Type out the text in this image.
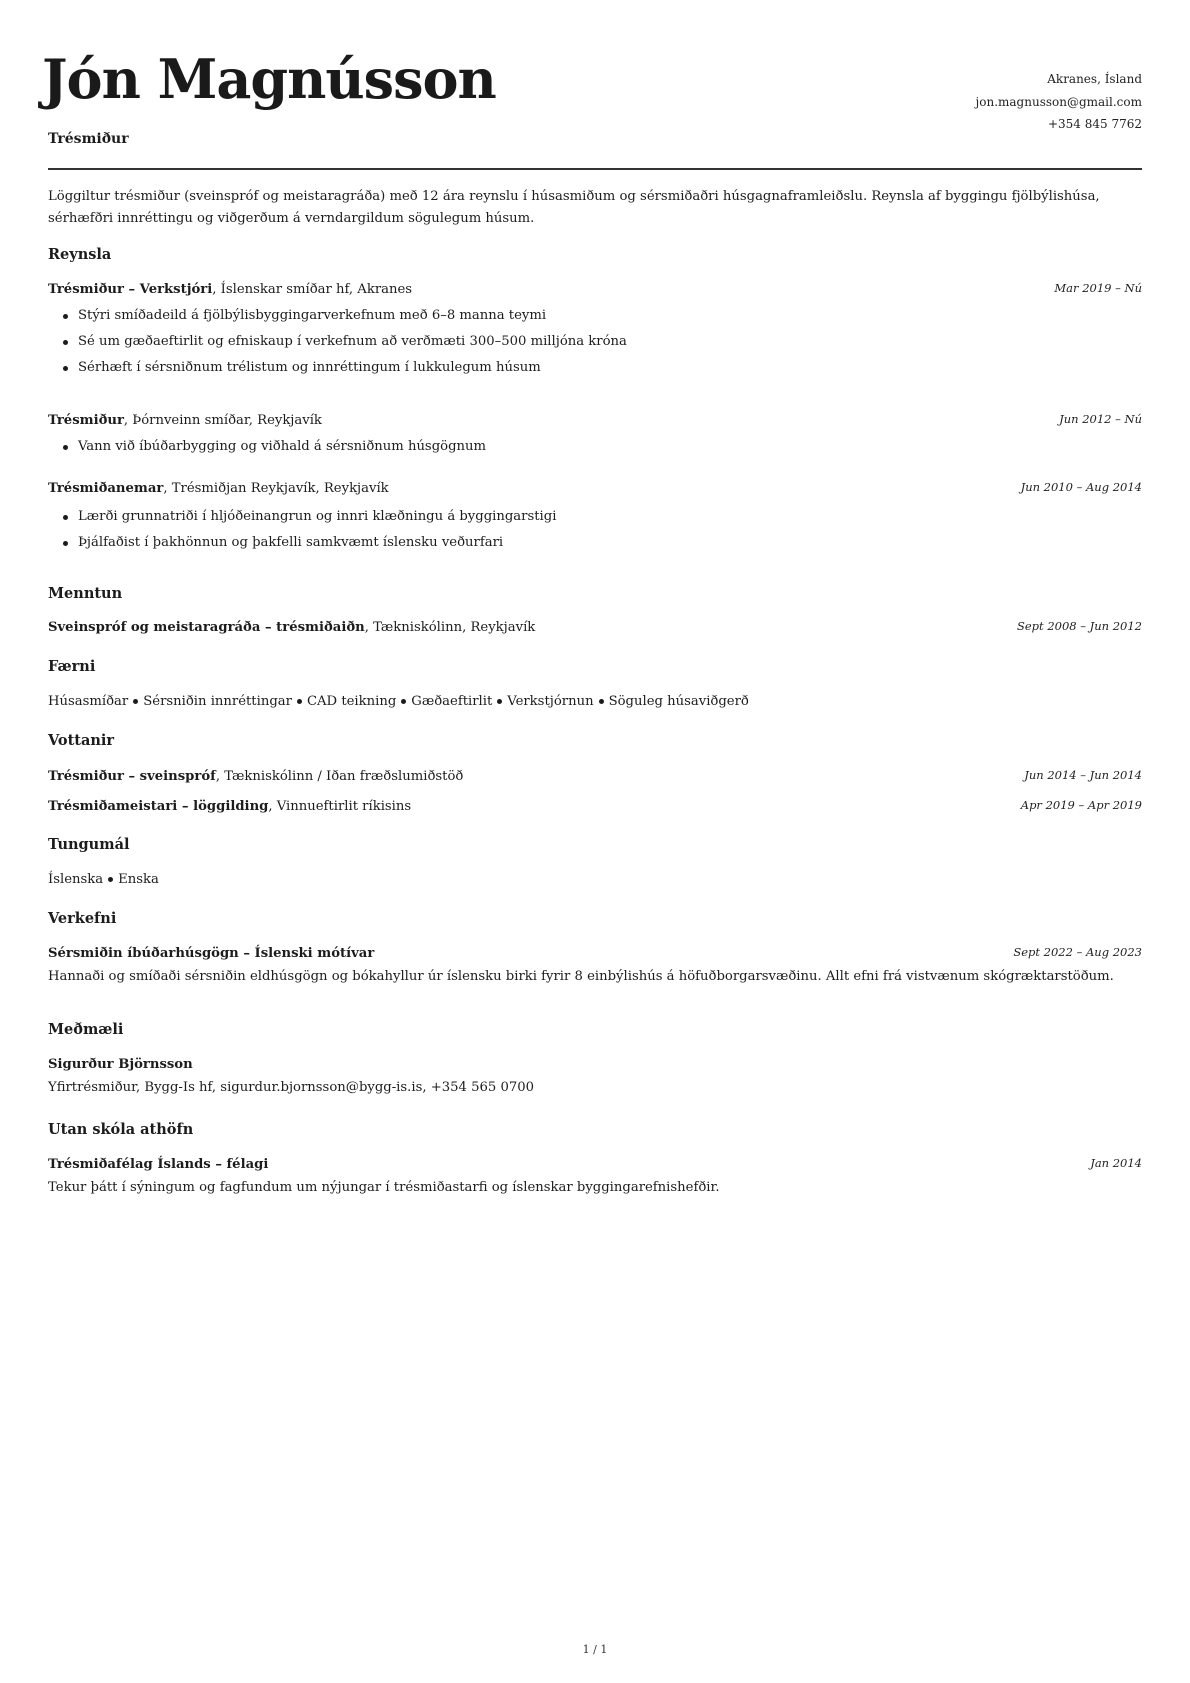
Jón Magnússon
Trésmiður
Akranes, Ísland
jon.magnusson@gmail.com
+354 845 7762
Löggiltur trésmiður (sveinspróf og meistaragráða) með 12 ára reynslu í húsasmiðum og sérsmiðaðri húsgagnaframleiðslu. Reynsla af byggingu fjölbýlishúsa, sérhæfðri innréttingu og viðgerðum á verndargildum sögulegum húsum.
Reynsla
Trésmiður – Verkstjóri, Íslenskar smíðar hf, Akranes	Mar 2019 – Nú
Stýri smíðadeild á fjölbýlisbyggingarverkefnum með 6–8 manna teymi
Sé um gæðaeftirlit og efniskaup í verkefnum að verðmæti 300–500 milljóna króna
Sérhæft í sérsniðnum trélistum og innréttingum í lukkulegum húsum
Trésmiður, Þórnveinn smíðar, Reykjavík	Jun 2012 – Nú
Vann við íbúðarbygging og viðhald á sérsniðnum húsgögnum
Trésmiðanemar, Trésmiðjan Reykjavík, Reykjavík	Jun 2010 – Aug 2014
Lærði grunnatriði í hljóðeinangrun og innri klæðningu á byggingarstigi
Þjálfaðist í þakhönnun og þakfelli samkvæmt íslensku veðurfari
Menntun
Sveinspróf og meistaragráða – trésmiðaiðn, Tækniskólinn, Reykjavík	Sept 2008 – Jun 2012
Færni
Húsasmíðar Sérsniðin innréttingar CAD teikning Gæðaeftirlit Verkstjórnun Söguleg húsaviðgerð
Vottanir
Trésmiður – sveinspróf, Tækniskólinn / Iðan fræðslumiðstöð	Jun 2014 – Jun 2014
Trésmiðameistari – löggilding, Vinnueftirlit ríkisins	Apr 2019 – Apr 2019
Tungumál
Íslenska Enska
Verkefni
Sérsmiðin íbúðarhúsgögn – Íslenski mótívar	Sept 2022 – Aug 2023
Hannaði og smíðaði sérsniðin eldhúsgögn og bókahyllur úr íslensku birki fyrir 8 einbýlishús á höfuðborgarsvæðinu. Allt efni frá vistvænum skógræktarstöðum.
Meðmæli
Sigurður Björnsson
Yfirtrésmiður, Bygg-Is hf, sigurdur.bjornsson@bygg-is.is, +354 565 0700
Utan skóla athöfn
Trésmiðafélag Íslands – félagi	Jan 2014
Tekur þátt í sýningum og fagfundum um nýjungar í trésmiðastarfi og íslenskar byggingarefnishefðir.
1 / 1
